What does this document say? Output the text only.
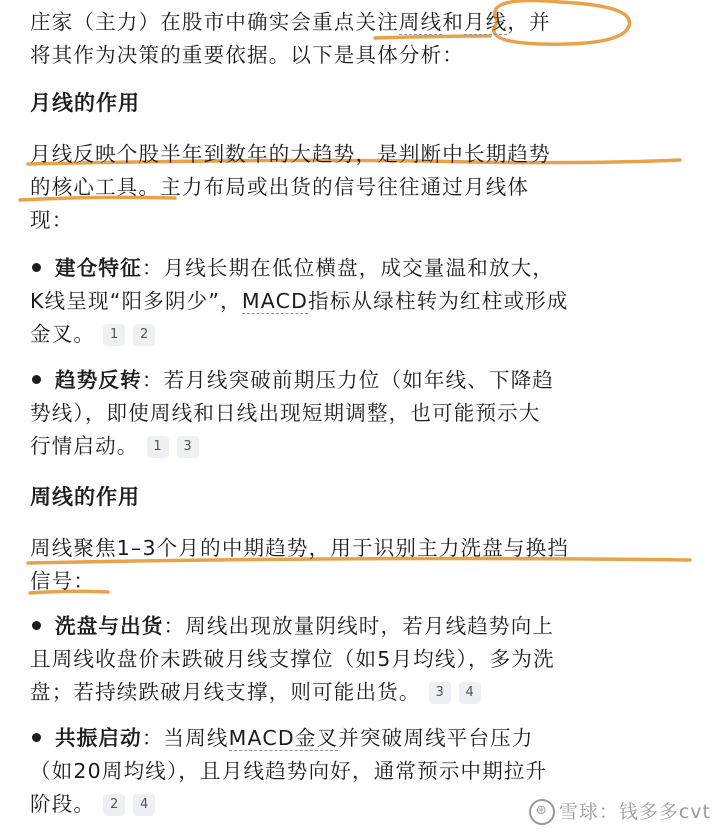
庄家（主力）在股市中确实会重点关注周线和月线，并
将其作为决策的重要依据。以下是具体分析：
月线的作用
月线反映个股半年到数年的大趋势，是判断中长期趋势
的核心工具。主力布局或出货的信号往往通过月线体
现：
建仓特征：月线长期在低位横盘，成交量温和放大，
K线呈现“阳多阴少”，MACD指标从绿柱转为红柱或形成
金叉。 1 2
趋势反转：若月线突破前期压力位（如年线、下降趋
势线），即使周线和日线出现短期调整，也可能预示大
行情启动。 1 3
周线的作用
周线聚焦1–3个月的中期趋势，用于识别主力洗盘与换挡
信号：
洗盘与出货：周线出现放量阴线时，若月线趋势向上
且周线收盘价未跌破月线支撑位（如5月均线），多为洗
盘；若持续跌破月线支撑，则可能出货。 3 4
共振启动：当周线MACD金叉并突破周线平台压力
（如20周均线），且月线趋势向好，通常预示中期拉升
阶段。 2 4	⊛ 雪球：钱多多cvt
